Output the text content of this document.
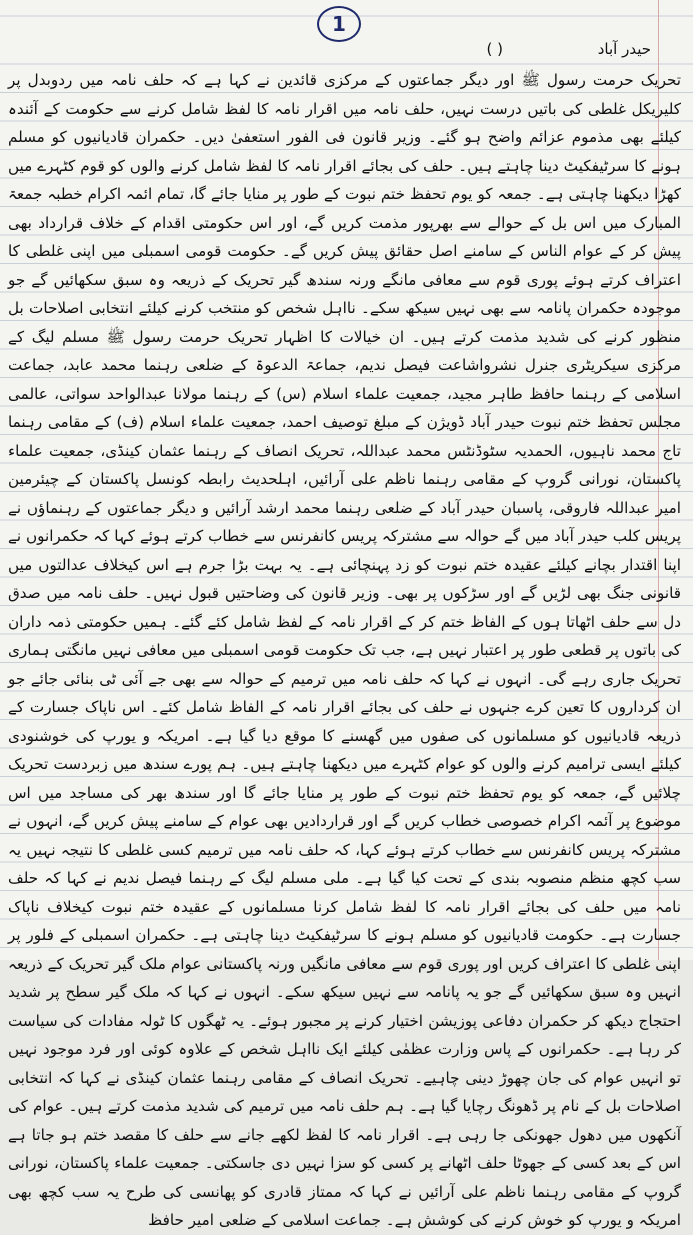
1
حیدر آباد ( )
تحریک حرمت رسول ﷺ اور دیگر جماعتوں کے مرکزی قائدین نے کہا ہے کہ حلف نامہ میں ردوبدل پر کلیریکل غلطی کی باتیں درست نہیں، حلف نامہ میں اقرار نامہ کا لفظ شامل کرنے سے حکومت کے آئندہ کیلئے بھی مذموم عزائم واضح ہو گئے۔ وزیر قانون فی الفور استعفیٰ دیں۔ حکمران قادیانیوں کو مسلم ہونے کا سرٹیفکیٹ دینا چاہتے ہیں۔ حلف کی بجائے اقرار نامہ کا لفظ شامل کرنے والوں کو قوم کٹہرے میں کھڑا دیکھنا چاہتی ہے۔ جمعہ کو یوم تحفظ ختم نبوت کے طور پر منایا جائے گا، تمام ائمہ اکرام خطبہ جمعۃ المبارک میں اس بل کے حوالے سے بھرپور مذمت کریں گے، اور اس حکومتی اقدام کے خلاف قرارداد بھی پیش کر کے عوام الناس کے سامنے اصل حقائق پیش کریں گے۔ حکومت قومی اسمبلی میں اپنی غلطی کا اعتراف کرتے ہوئے پوری قوم سے معافی مانگے ورنہ سندھ گیر تحریک کے ذریعہ وہ سبق سکھائیں گے جو موجودہ حکمران پانامہ سے بھی نہیں سیکھ سکے۔ نااہل شخص کو منتخب کرنے کیلئے انتخابی اصلاحات بل منظور کرنے کی شدید مذمت کرتے ہیں۔ ان خیالات کا اظہار تحریک حرمت رسول ﷺ مسلم لیگ کے مرکزی سیکریٹری جنرل نشرواشاعت فیصل ندیم، جماعۃ الدعوۃ کے ضلعی رہنما محمد عابد، جماعت اسلامی کے رہنما حافظ طاہر مجید، جمعیت علماء اسلام (س) کے رہنما مولانا عبدالواحد سواتی، عالمی مجلس تحفظ ختم نبوت حیدر آباد ڈویژن کے مبلغ توصیف احمد، جمعیت علماء اسلام (ف) کے مقامی رہنما تاج محمد ناہیوں، الحمدیہ سٹوڈنٹس محمد عبداللہ، تحریک انصاف کے رہنما عثمان کینڈی، جمعیت علماء پاکستان، نورانی گروپ کے مقامی رہنما ناظم علی آرائیں، اہلحدیث رابطہ کونسل پاکستان کے چیئرمین امیر عبداللہ فاروقی، پاسبان حیدر آباد کے ضلعی رہنما محمد ارشد آرائیں و دیگر جماعتوں کے رہنماؤں نے پریس کلب حیدر آباد میں گے حوالہ سے مشترکہ پریس کانفرنس سے خطاب کرتے ہوئے کہا کہ حکمرانوں نے اپنا اقتدار بچانے کیلئے عقیدہ ختم نبوت کو زد پہنچائی ہے۔ یہ بہت بڑا جرم ہے اس کیخلاف عدالتوں میں قانونی جنگ بھی لڑیں گے اور سڑکوں پر بھی۔ وزیر قانون کی وضاحتیں قبول نہیں۔ حلف نامہ میں صدق دل سے حلف اٹھاتا ہوں کے الفاظ ختم کر کے اقرار نامہ کے لفظ شامل کئے گئے۔ ہمیں حکومتی ذمہ داران کی باتوں پر قطعی طور پر اعتبار نہیں ہے، جب تک حکومت قومی اسمبلی میں معافی نہیں مانگتی ہماری تحریک جاری رہے گی۔ انہوں نے کہا کہ حلف نامہ میں ترمیم کے حوالہ سے بھی جے آئی ٹی بنائی جائے جو ان کرداروں کا تعین کرے جنہوں نے حلف کی بجائے اقرار نامہ کے الفاظ شامل کئے۔ اس ناپاک جسارت کے ذریعہ قادیانیوں کو مسلمانوں کی صفوں میں گھسنے کا موقع دیا گیا ہے۔ امریکہ و یورپ کی خوشنودی کیلئے ایسی ترامیم کرنے والوں کو عوام کٹہرے میں دیکھنا چاہتے ہیں۔ ہم پورے سندھ میں زبردست تحریک چلائیں گے، جمعہ کو یوم تحفظ ختم نبوت کے طور پر منایا جائے گا اور سندھ بھر کی مساجد میں اس موضوع پر آئمہ اکرام خصوصی خطاب کریں گے اور قراردادیں بھی عوام کے سامنے پیش کریں گے، انہوں نے مشترکہ پریس کانفرنس سے خطاب کرتے ہوئے کہا، کہ حلف نامہ میں ترمیم کسی غلطی کا نتیجہ نہیں یہ سب کچھ منظم منصوبہ بندی کے تحت کیا گیا ہے۔ ملی مسلم لیگ کے رہنما فیصل ندیم نے کہا کہ حلف نامہ میں حلف کی بجائے اقرار نامہ کا لفظ شامل کرنا مسلمانوں کے عقیدہ ختم نبوت کیخلاف ناپاک جسارت ہے۔ حکومت قادیانیوں کو مسلم ہونے کا سرٹیفکیٹ دینا چاہتی ہے۔ حکمران اسمبلی کے فلور پر اپنی غلطی کا اعتراف کریں اور پوری قوم سے معافی مانگیں ورنہ پاکستانی عوام ملک گیر تحریک کے ذریعہ انہیں وہ سبق سکھائیں گے جو یہ پانامہ سے نہیں سیکھ سکے۔ انہوں نے کہا کہ ملک گیر سطح پر شدید احتجاج دیکھ کر حکمران دفاعی پوزیشن اختیار کرنے پر مجبور ہوئے۔ یہ ٹھگوں کا ٹولہ مفادات کی سیاست کر رہا ہے۔ حکمرانوں کے پاس وزارت عظمٰی کیلئے ایک نااہل شخص کے علاوہ کوئی اور فرد موجود نہیں تو انہیں عوام کی جان چھوڑ دینی چاہیے۔ تحریک انصاف کے مقامی رہنما عثمان کینڈی نے کہا کہ انتخابی اصلاحات بل کے نام پر ڈھونگ رچایا گیا ہے۔ ہم حلف نامہ میں ترمیم کی شدید مذمت کرتے ہیں۔ عوام کی آنکھوں میں دھول جھونکی جا رہی ہے۔ اقرار نامہ کا لفظ لکھے جانے سے حلف کا مقصد ختم ہو جاتا ہے اس کے بعد کسی کے جھوٹا حلف اٹھانے پر کسی کو سزا نہیں دی جاسکتی۔ جمعیت علماء پاکستان، نورانی گروپ کے مقامی رہنما ناظم علی آرائیں نے کہا کہ ممتاز قادری کو پھانسی کی طرح یہ سب کچھ بھی امریکہ و یورپ کو خوش کرنے کی کوشش ہے۔ جماعت اسلامی کے ضلعی امیر حافظ
